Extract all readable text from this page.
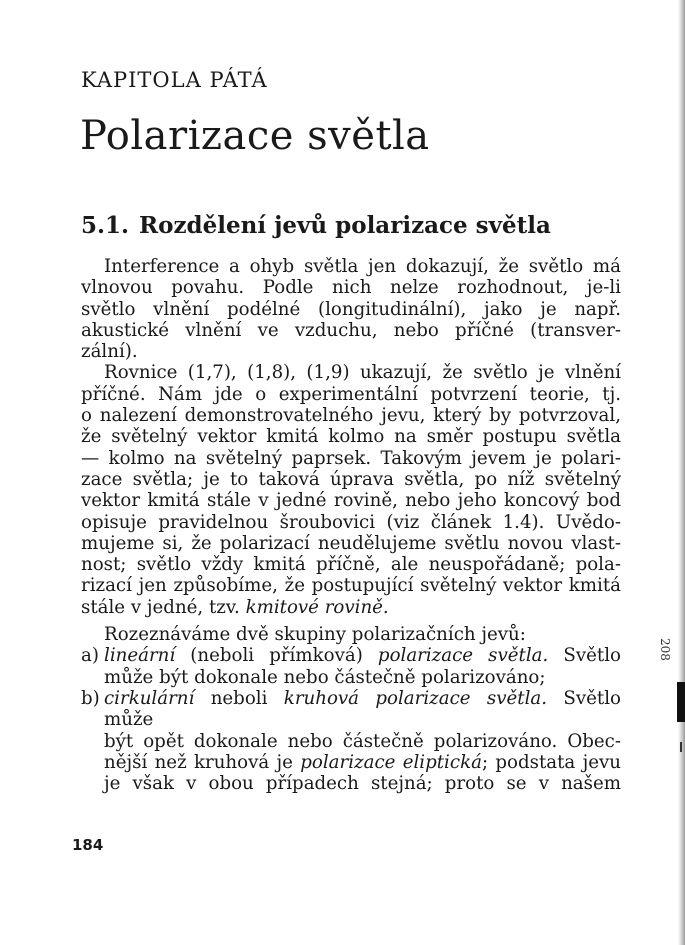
KAPITOLA PÁTÁ
Polarizace světla
5.1. Rozdělení jevů polarizace světla
Interference a ohyb světla jen dokazují, že světlo má
vlnovou povahu. Podle nich nelze rozhodnout, je-li
světlo vlnění podélné (longitudinální), jako je např.
akustické vlnění ve vzduchu, nebo příčné (transver-
zální).
Rovnice (1,7), (1,8), (1,9) ukazují, že světlo je vlnění
příčné. Nám jde o experimentální potvrzení teorie, tj.
o nalezení demonstrovatelného jevu, který by potvrzoval,
že světelný vektor kmitá kolmo na směr postupu světla
— kolmo na světelný paprsek. Takovým jevem je polari-
zace světla; je to taková úprava světla, po níž světelný
vektor kmitá stále v jedné rovině, nebo jeho koncový bod
opisuje pravidelnou šroubovici (viz článek 1.4). Uvědo-
mujeme si, že polarizací neudělujeme světlu novou vlast-
nost; světlo vždy kmitá příčně, ale neuspořádaně; pola-
rizací jen způsobíme, že postupující světelný vektor kmitá
stále v jedné, tzv. kmitové rovině.
Rozeznáváme dvě skupiny polarizačních jevů:
a) lineární (neboli přímková) polarizace světla. Světlo
může být dokonale nebo částečně polarizováno;
b) cirkulární neboli kruhová polarizace světla. Světlo může
být opět dokonale nebo částečně polarizováno. Obec-
nější než kruhová je polarizace eliptická; podstata jevu
je však v obou případech stejná; proto se v našem
184
208
